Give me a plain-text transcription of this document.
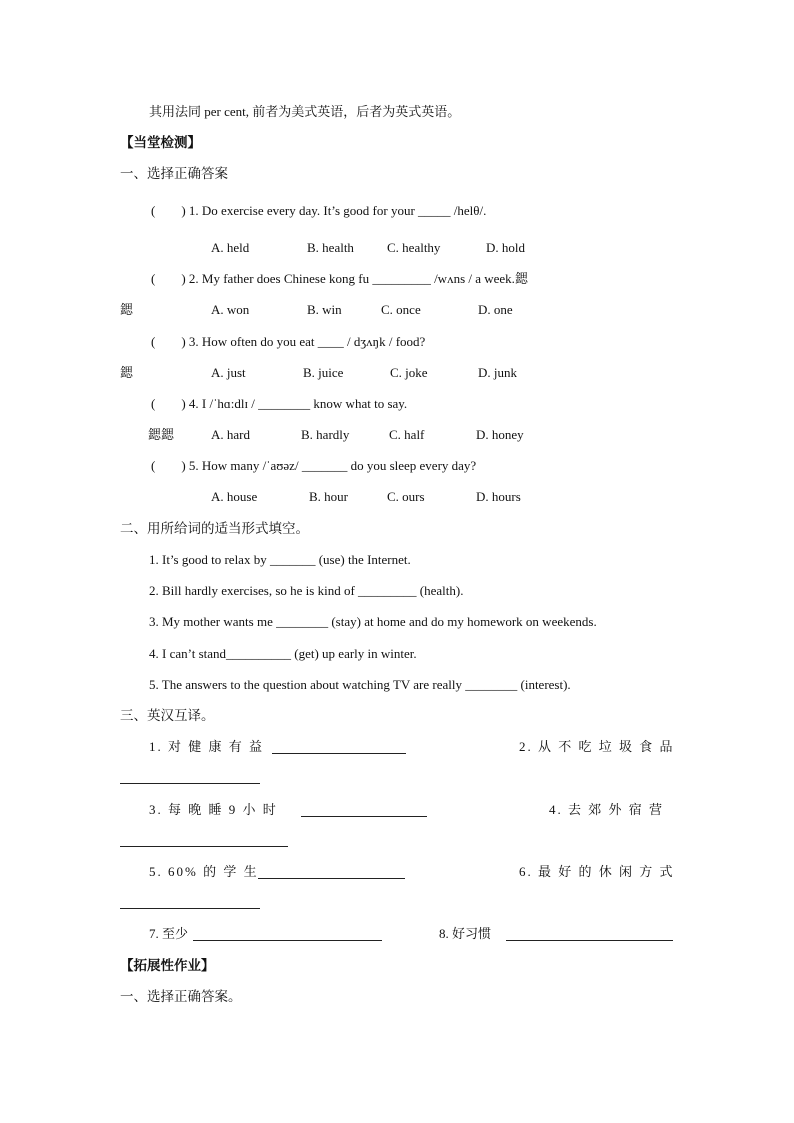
其用法同 per cent, 前者为美式英语，后者为英式英语。
【当堂检测】
一、选择正确答案
(　　) 1. Do exercise every day. It’s good for your _____ /helθ/.
A. held	B. health	C. healthy	D. hold
(　　) 2. My father does Chinese kong fu _________ /wʌns / a week.鍶
鍶	A. won	B. win	C. once	D. one
(　　) 3. How often do you eat ____ / dʒʌŋk / food?
鍶	A. just	B. juice	C. joke	D. junk
(　　) 4. I /ˈhɑ:dlɪ / ________ know what to say.
鍶鍶	A. hard	B. hardly	C. half	D. honey
(　　) 5. How many /ˈaʊəz/ _______ do you sleep every day?
A. house	B. hour	C. ours	D. hours
二、用所给词的适当形式填空。
1. It’s good to relax by _______ (use) the Internet.
2. Bill hardly exercises, so he is kind of _________ (health).
3. My mother wants me ________ (stay) at home and do my homework on weekends.
4. I can’t stand__________ (get) up early in winter.
5. The answers to the question about watching TV are really ________ (interest).
三、英汉互译。
1. 对 健 康 有 益	2. 从 不 吃 垃 圾 食 品
3. 每 晚 睡 9 小 时	4. 去 郊 外 宿 营
5. 60% 的 学 生	6. 最 好 的 休 闲 方 式
7. 至少	8. 好习惯
【拓展性作业】
一、选择正确答案。
